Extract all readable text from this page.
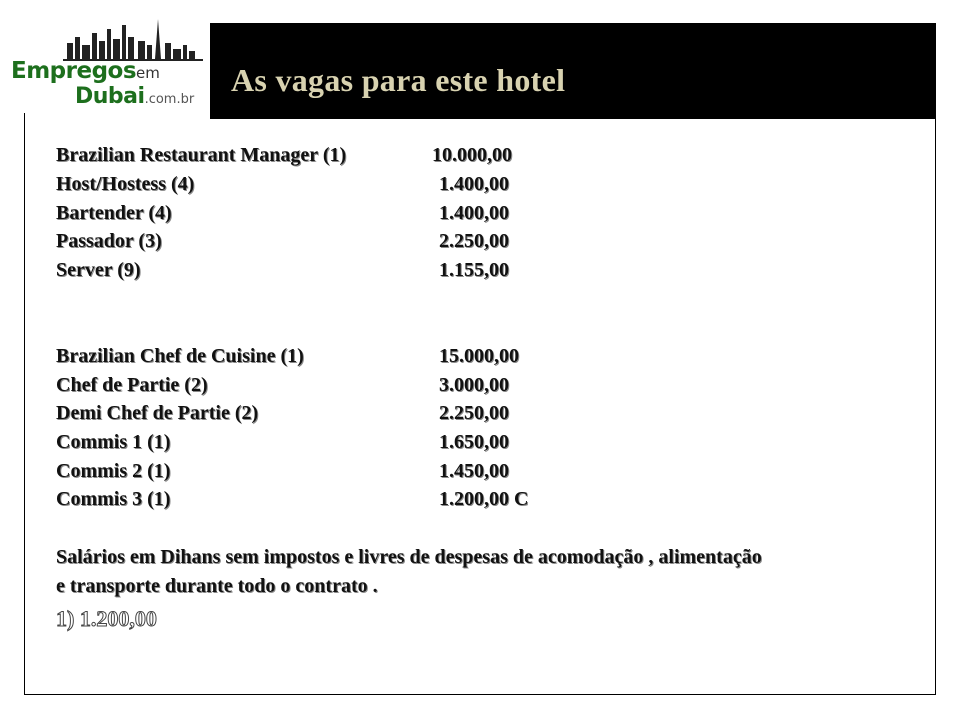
Empregosem
Dubai.com.br
As vagas para este hotel
Brazilian Restaurant Manager (1)	10.000,00
Host/Hostess (4)	1.400,00
Bartender (4)	1.400,00
Passador (3)	2.250,00
Server (9)	1.155,00
Brazilian Chef de Cuisine (1)	15.000,00
Chef de Partie (2)	3.000,00
Demi Chef de Partie (2)	2.250,00
Commis 1 (1)	1.650,00
Commis 2 (1)	1.450,00
Commis 3 (1)	1.200,00 C
Salários em Dihans sem impostos e livres de despesas de acomodação , alimentação
e transporte durante todo o contrato .
1) 1.200,00
